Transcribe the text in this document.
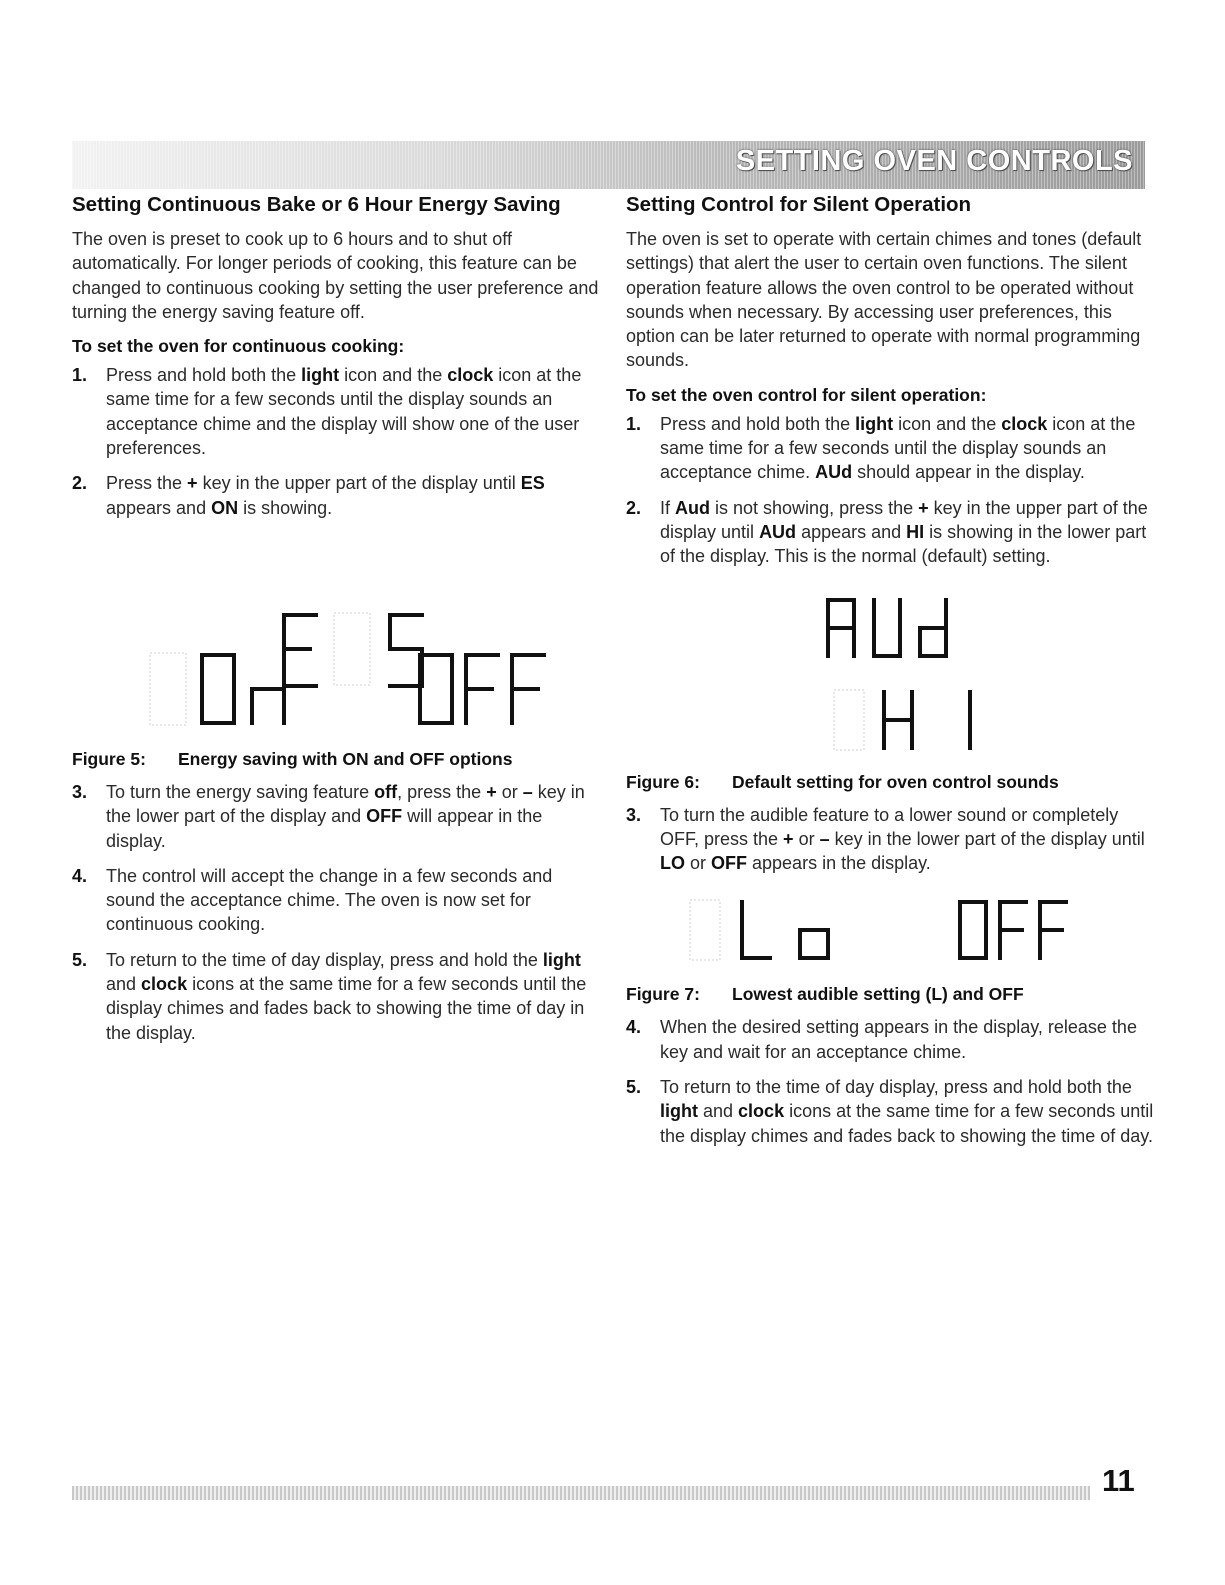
SETTING OVEN CONTROLS
Setting Continuous Bake or 6 Hour Energy Saving

The oven is preset to cook up to 6 hours and to shut off automatically. For longer periods of cooking, this feature can be changed to continuous cooking by setting the user preference and turning the energy saving feature off.

To set the oven for continuous cooking:
1. Press and hold both the light icon and the clock icon at the same time for a few seconds until the display sounds an acceptance chime and the display will show one of the user preferences.
2. Press the + key in the upper part of the display until ES appears and ON is showing.
Figure 5:	Energy saving with ON and OFF options
3. To turn the energy saving feature off, press the + or – key in the lower part of the display and OFF will appear in the display.
4. The control will accept the change in a few seconds and sound the acceptance chime. The oven is now set for continuous cooking.
5. To return to the time of day display, press and hold the light and clock icons at the same time for a few seconds until the display chimes and fades back to showing the time of day in the display.
Setting Control for Silent Operation

The oven is set to operate with certain chimes and tones (default settings) that alert the user to certain oven functions. The silent operation feature allows the oven control to be operated without sounds when necessary. By accessing user preferences, this option can be later returned to operate with normal programming sounds.

To set the oven control for silent operation:
1. Press and hold both the light icon and the clock icon at the same time for a few seconds until the display sounds an acceptance chime. AUd should appear in the display.
2. If Aud is not showing, press the + key in the upper part of the display until AUd appears and HI is showing in the lower part of the display. This is the normal (default) setting.
Figure 6:	Default setting for oven control sounds
3. To turn the audible feature to a lower sound or completely OFF, press the + or – key in the lower part of the display until LO or OFF appears in the display.
Figure 7:	Lowest audible setting (L) and OFF
4. When the desired setting appears in the display, release the key and wait for an acceptance chime.
5. To return to the time of day display, press and hold both the light and clock icons at the same time for a few seconds until the display chimes and fades back to showing the time of day.
11
